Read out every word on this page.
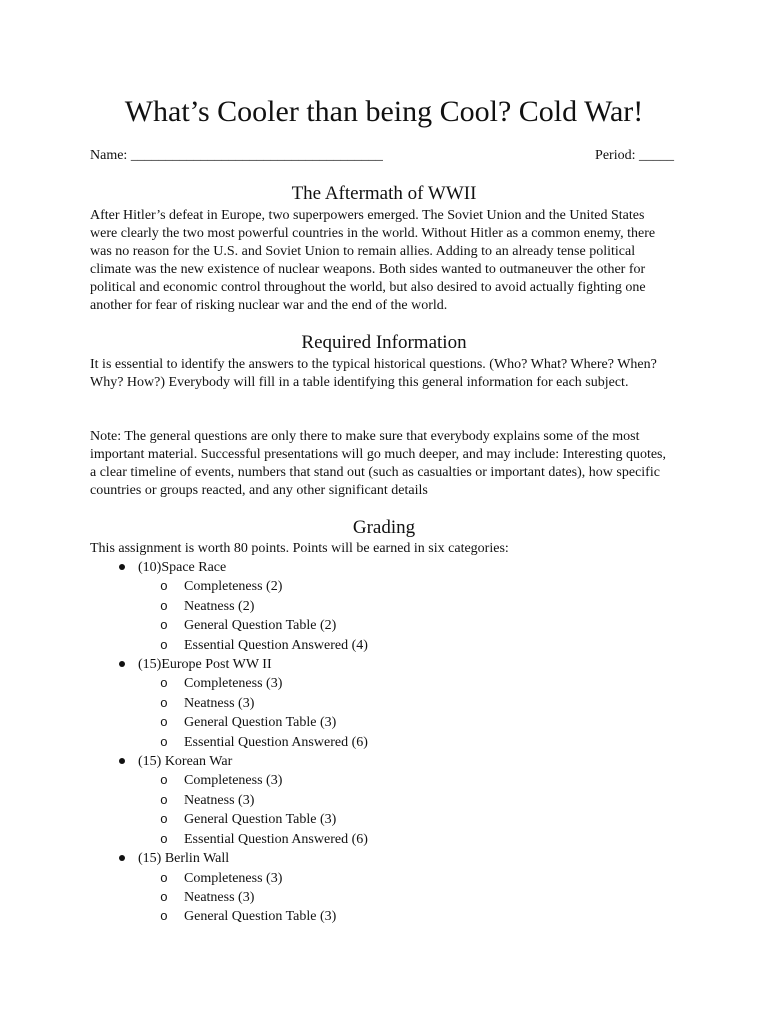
What’s Cooler than being Cool? Cold War!
Name: ____________________________________	Period: _____
The Aftermath of WWII

After Hitler’s defeat in Europe, two superpowers emerged. The Soviet Union and the United States were clearly the two most powerful countries in the world. Without Hitler as a common enemy, there was no reason for the U.S. and Soviet Union to remain allies. Adding to an already tense political climate was the new existence of nuclear weapons. Both sides wanted to outmaneuver the other for political and economic control throughout the world, but also desired to avoid actually fighting one another for fear of risking nuclear war and the end of the world.

Required Information

It is essential to identify the answers to the typical historical questions. (Who? What? Where? When? Why? How?) Everybody will fill in a table identifying this general information for each subject.

Note: The general questions are only there to make sure that everybody explains some of the most important material. Successful presentations will go much deeper, and may include: Interesting quotes, a clear timeline of events, numbers that stand out (such as casualties or important dates), how specific countries or groups reacted, and any other significant details

Grading

This assignment is worth 80 points. Points will be earned in six categories:

(10)Space Race
o Completeness (2)
o Neatness (2)
o General Question Table (2)
o Essential Question Answered (4)
(15)Europe Post WW II
o Completeness (3)
o Neatness (3)
o General Question Table (3)
o Essential Question Answered (6)
(15) Korean War
o Completeness (3)
o Neatness (3)
o General Question Table (3)
o Essential Question Answered (6)
(15) Berlin Wall
o Completeness (3)
o Neatness (3)
o General Question Table (3)
